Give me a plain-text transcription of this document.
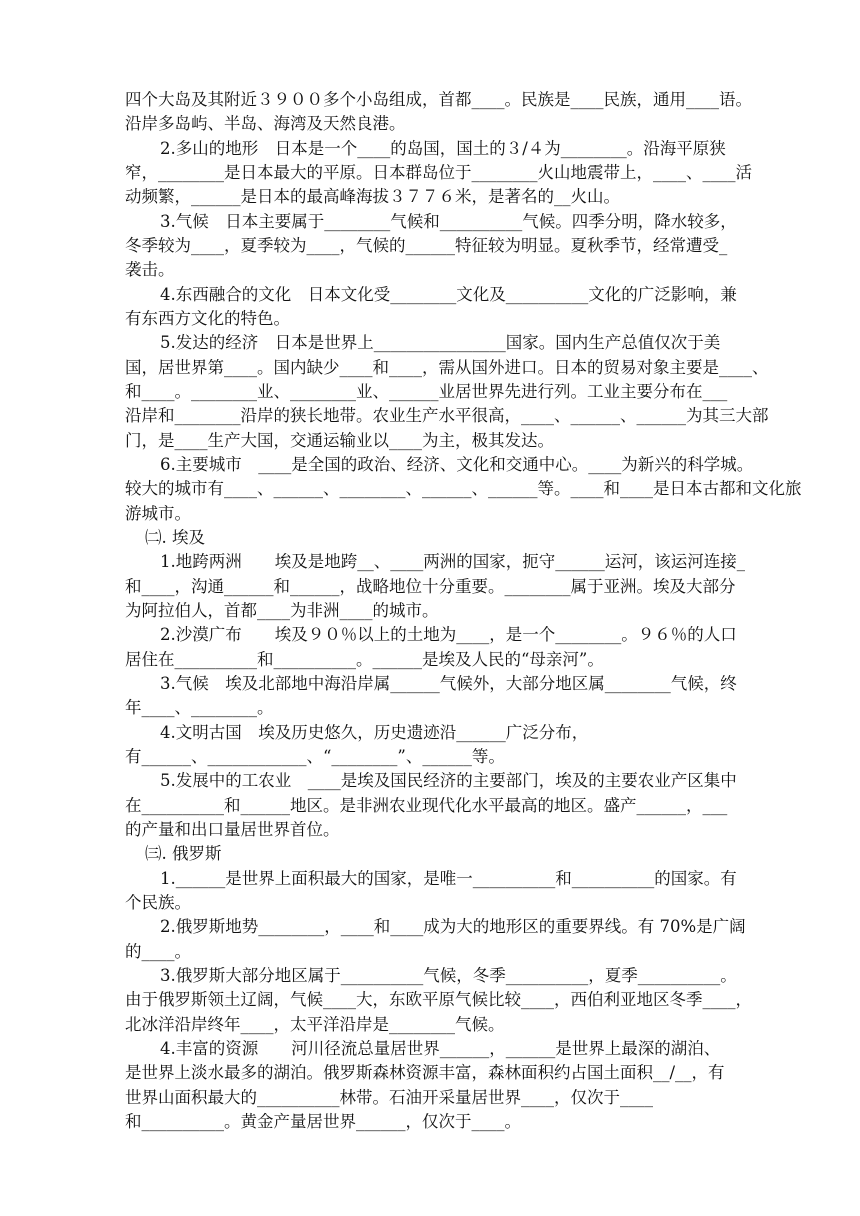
四个大岛及其附近３９００多个小岛组成，首都____。民族是____民族，通用____语。
沿岸多岛屿、半岛、海湾及天然良港。
2.多山的地形　日本是一个____的岛国，国土的３/４为________。沿海平原狭
窄，________是日本最大的平原。日本群岛位于________火山地震带上，____、____活
动频繁，______是日本的最高峰海拔３７７６米，是著名的__火山。
3.气候　日本主要属于________气候和__________气候。四季分明，降水较多，
冬季较为____，夏季较为____，气候的______特征较为明显。夏秋季节，经常遭受_
袭击。
4.东西融合的文化　日本文化受________文化及__________文化的广泛影响，兼
有东西方文化的特色。
5.发达的经济　日本是世界上________________国家。国内生产总值仅次于美
国，居世界第____。国内缺少____和____，需从国外进口。日本的贸易对象主要是____、
和____。________业、________业、______业居世界先进行列。工业主要分布在___
沿岸和________沿岸的狭长地带。农业生产水平很高，____、______、______为其三大部
门，是____生产大国，交通运输业以____为主，极其发达。
6.主要城市　____是全国的政治、经济、文化和交通中心。____为新兴的科学城。
较大的城市有____、______、________、______、______等。____和____是日本古都和文化旅
游城市。
㈡. 埃及
1.地跨两洲　　埃及是地跨__、____两洲的国家，扼守______运河，该运河连接_
和____，沟通______和______，战略地位十分重要。________属于亚洲。埃及大部分
为阿拉伯人，首都____为非洲____的城市。
2.沙漠广布　　埃及９０％以上的土地为____，是一个________。９６％的人口
居住在__________和__________。______是埃及人民的“母亲河”。
3.气候　埃及北部地中海沿岸属______气候外，大部分地区属________气候，终
年____、________。
4.文明古国　埃及历史悠久，历史遗迹沿______广泛分布，
有______、____________、“________”、______等。
5.发展中的工农业　____是埃及国民经济的主要部门，埃及的主要农业产区集中
在__________和______地区。是非洲农业现代化水平最高的地区。盛产______，___
的产量和出口量居世界首位。
㈢. 俄罗斯
1.______是世界上面积最大的国家，是唯一__________和__________的国家。有
个民族。
2.俄罗斯地势________，____和____成为大的地形区的重要界线。有 70%是广阔
的____。
3.俄罗斯大部分地区属于__________气候，冬季__________，夏季__________。
由于俄罗斯领土辽阔，气候____大，东欧平原气候比较____，西伯利亚地区冬季____，
北冰洋沿岸终年____，太平洋沿岸是________气候。
4.丰富的资源　　河川径流总量居世界______，______是世界上最深的湖泊、
是世界上淡水最多的湖泊。俄罗斯森林资源丰富，森林面积约占国土面积__/__，有
世界山面积最大的__________林带。石油开采量居世界____，仅次于____
和__________。黄金产量居世界______，仅次于____。
